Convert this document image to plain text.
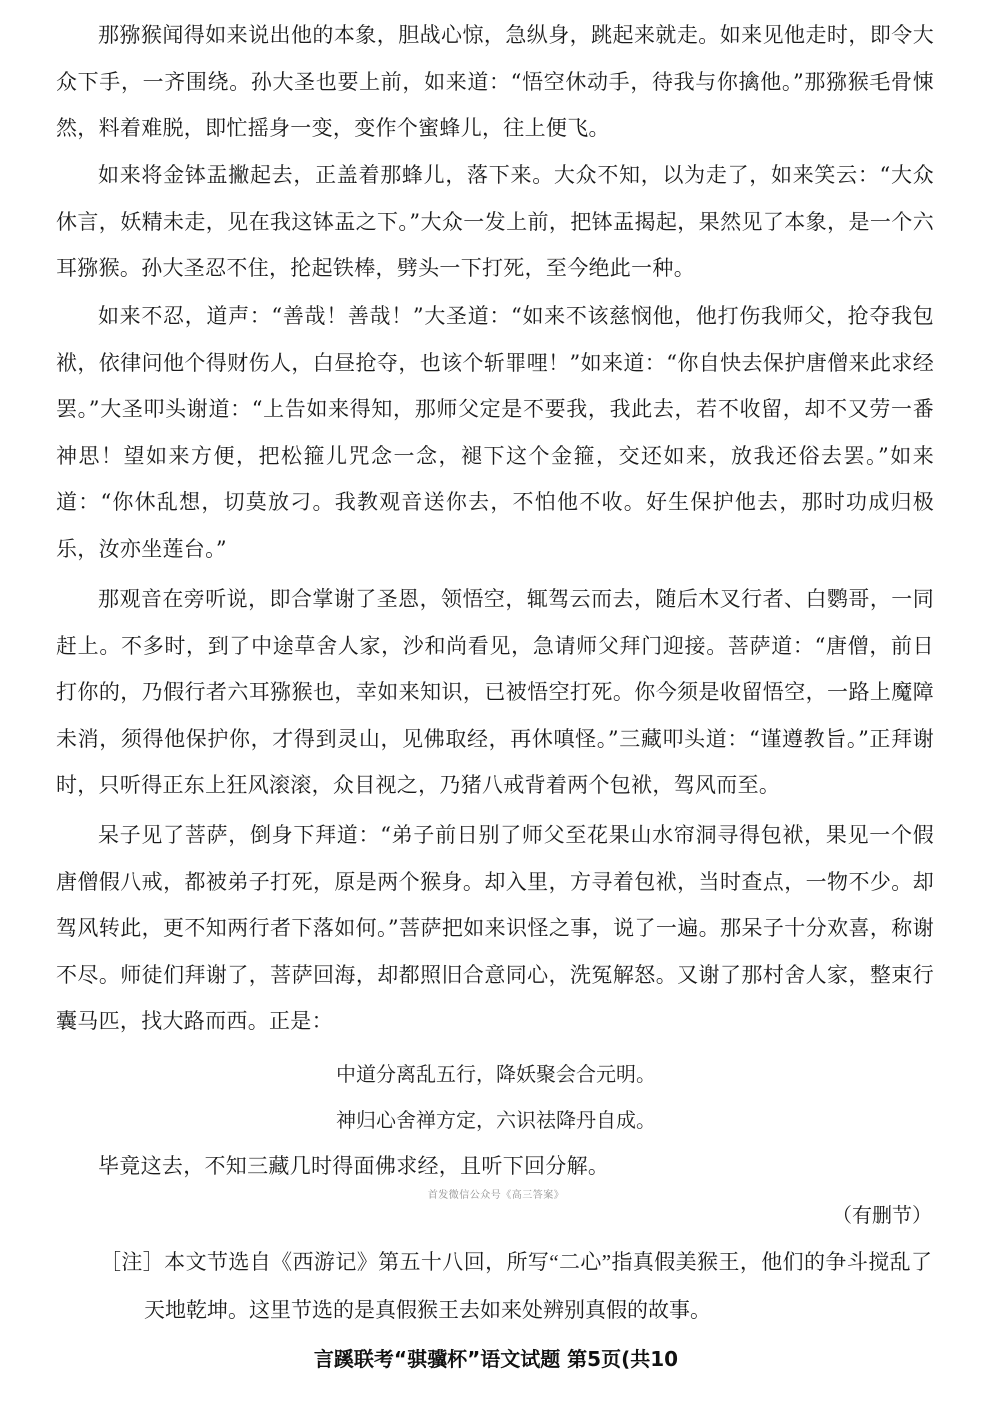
那猕猴闻得如来说出他的本象，胆战心惊，急纵身，跳起来就走。如来见他走时，即令大众下手，一齐围绕。孙大圣也要上前，如来道：“悟空休动手，待我与你擒他。”那猕猴毛骨悚然，料着难脱，即忙摇身一变，变作个蜜蜂儿，往上便飞。

如来将金钵盂撇起去，正盖着那蜂儿，落下来。大众不知，以为走了，如来笑云：“大众休言，妖精未走，见在我这钵盂之下。”大众一发上前，把钵盂揭起，果然见了本象，是一个六耳猕猴。孙大圣忍不住，抡起铁棒，劈头一下打死，至今绝此一种。

如来不忍，道声：“善哉！善哉！”大圣道：“如来不该慈悯他，他打伤我师父，抢夺我包袱，依律问他个得财伤人，白昼抢夺，也该个斩罪哩！”如来道：“你自快去保护唐僧来此求经罢。”大圣叩头谢道：“上告如来得知，那师父定是不要我，我此去，若不收留，却不又劳一番神思！望如来方便，把松箍儿咒念一念，褪下这个金箍，交还如来，放我还俗去罢。”如来道：“你休乱想，切莫放刁。我教观音送你去，不怕他不收。好生保护他去，那时功成归极乐，汝亦坐莲台。”

那观音在旁听说，即合掌谢了圣恩，领悟空，辄驾云而去，随后木叉行者、白鹦哥，一同赶上。不多时，到了中途草舍人家，沙和尚看见，急请师父拜门迎接。菩萨道：“唐僧，前日打你的，乃假行者六耳猕猴也，幸如来知识，已被悟空打死。你今须是收留悟空，一路上魔障未消，须得他保护你，才得到灵山，见佛取经，再休嗔怪。”三藏叩头道：“谨遵教旨。”正拜谢时，只听得正东上狂风滚滚，众目视之，乃猪八戒背着两个包袱，驾风而至。

呆子见了菩萨，倒身下拜道：“弟子前日别了师父至花果山水帘洞寻得包袱，果见一个假唐僧假八戒，都被弟子打死，原是两个猴身。却入里，方寻着包袱，当时查点，一物不少。却驾风转此，更不知两行者下落如何。”菩萨把如来识怪之事，说了一遍。那呆子十分欢喜，称谢不尽。师徒们拜谢了，菩萨回海，却都照旧合意同心，洗冤解怒。又谢了那村舍人家，整束行囊马匹，找大路而西。正是：

中道分离乱五行，降妖聚会合元明。

神归心舍禅方定，六识祛降丹自成。

毕竟这去，不知三藏几时得面佛求经，且听下回分解。

首发微信公众号《高三答案》
（有删节）

［注］本文节选自《西游记》第五十八回，所写“二心”指真假美猴王，他们的争斗搅乱了天地乾坤。这里节选的是真假猴王去如来处辨别真假的故事。

言蹊联考“骐骥杯”语文试题 第5页(共10
